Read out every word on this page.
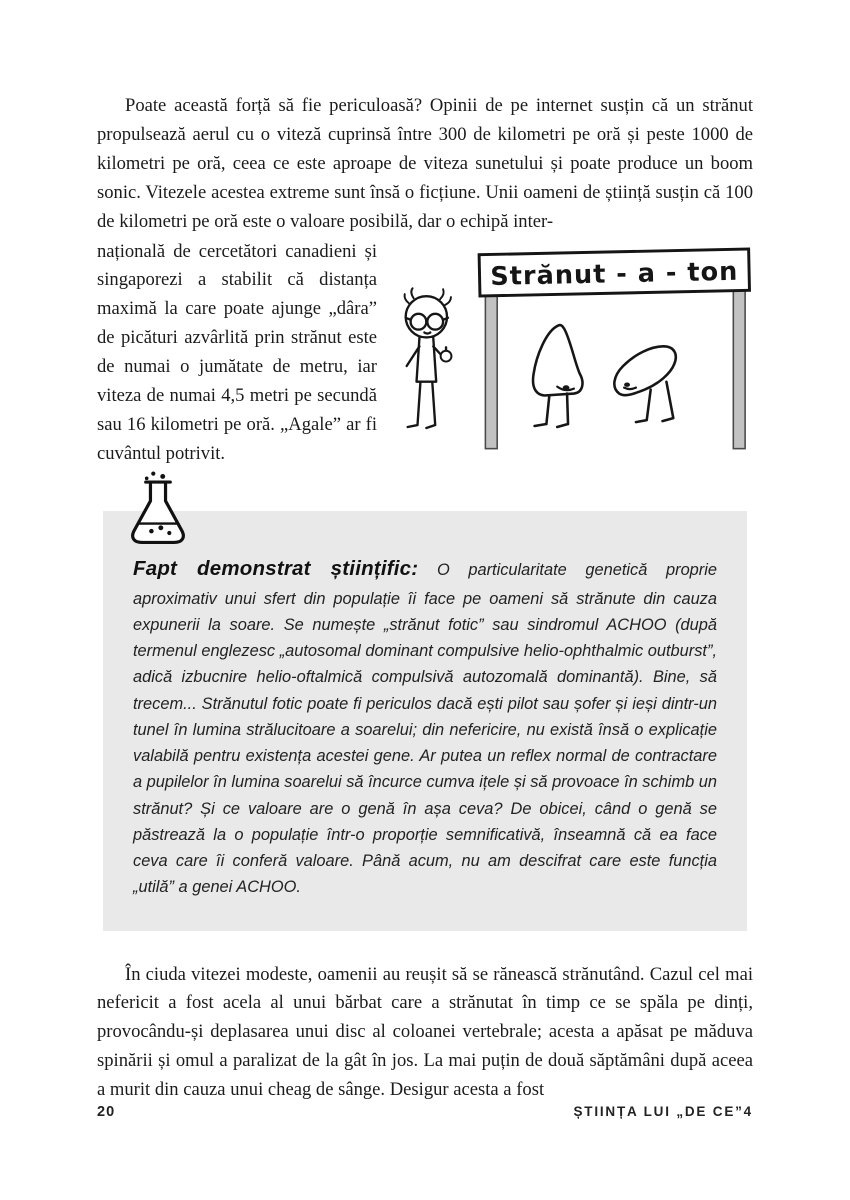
Poate această forță să fie periculoasă? Opinii de pe internet susțin că un strănut propulsează aerul cu o viteză cuprinsă între 300 de kilometri pe oră și peste 1000 de kilometri pe oră, ceea ce este aproape de viteza sunetului și poate produce un boom sonic. Vitezele acestea extreme sunt însă o ficțiune. Unii oameni de știință susțin că 100 de kilometri pe oră este o valoare posibilă, dar o echipă inter-

Strănut - a - ton

națională de cercetători canadieni și singaporezi a stabilit că distanța maximă la care poate ajunge „dâra” de picături azvârlită prin strănut este de numai o jumătate de metru, iar viteza de numai 4,5 metri pe secundă sau 16 kilometri pe oră. „Agale” ar fi cuvântul potrivit.

Fapt demonstrat științific: O particularitate genetică proprie aproximativ unui sfert din populație îi face pe oameni să strănute din cauza expunerii la soare. Se numește „strănut fotic” sau sindromul ACHOO (după termenul englezesc „autosomal dominant compulsive helio-ophthalmic outburst”, adică izbucnire helio-oftalmică compulsivă autozomală dominantă). Bine, să trecem... Strănutul fotic poate fi periculos dacă ești pilot sau șofer și ieși dintr-un tunel în lumina strălucitoare a soarelui; din nefericire, nu există însă o explicație valabilă pentru existența acestei gene. Ar putea un reflex normal de contractare a pupilelor în lumina soarelui să încurce cumva ițele și să provoace în schimb un strănut? Și ce valoare are o genă în așa ceva? De obicei, când o genă se păstrează la o populație într-o proporție semnificativă, înseamnă că ea face ceva care îi conferă valoare. Până acum, nu am descifrat care este funcția „utilă” a genei ACHOO.

În ciuda vitezei modeste, oamenii au reușit să se rănească strănutând. Cazul cel mai nefericit a fost acela al unui bărbat care a strănutat în timp ce se spăla pe dinți, provocându-și deplasarea unui disc al coloanei vertebrale; acesta a apăsat pe măduva spinării și omul a paralizat de la gât în jos. La mai puțin de două săptămâni după aceea a murit din cauza unui cheag de sânge. Desigur acesta a fost

20	ȘTIINȚA LUI „DE CE”4
